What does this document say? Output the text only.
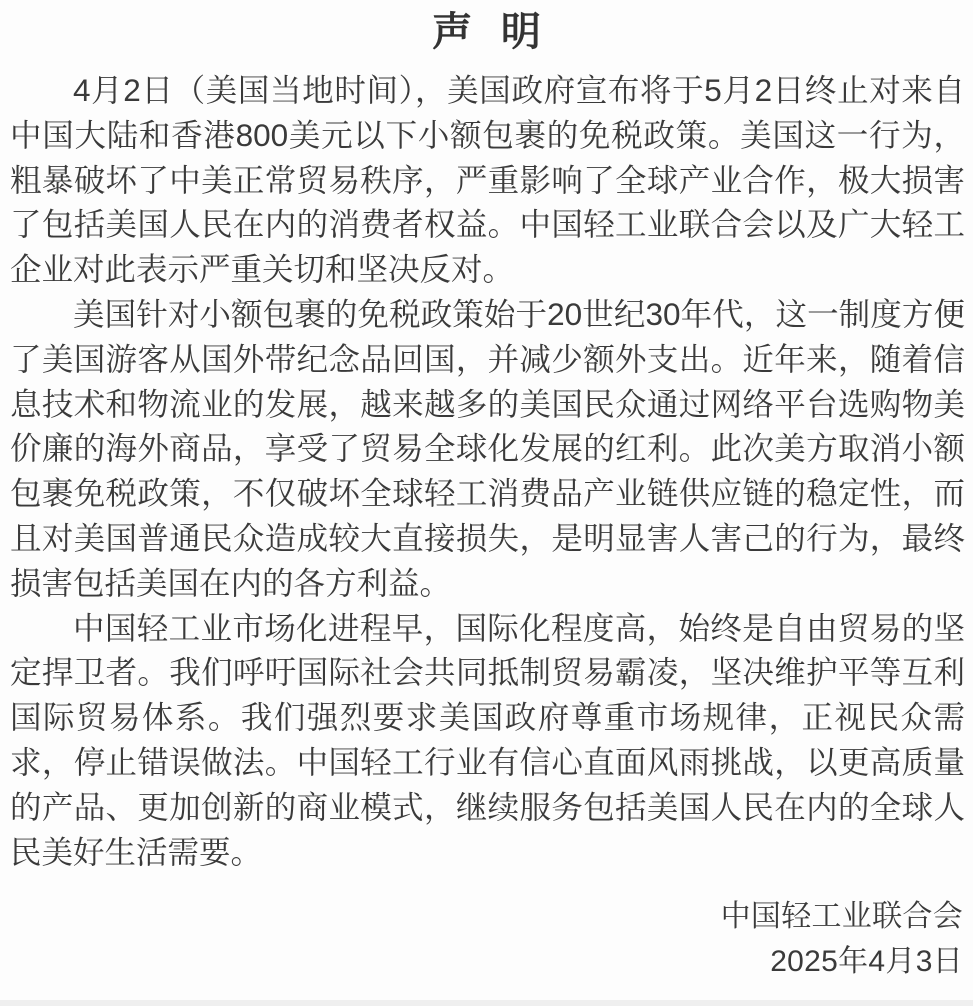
声 明

4月2日（美国当地时间），美国政府宣布将于5月2日终止对来自中国大陆和香港800美元以下小额包裹的免税政策。美国这一行为，粗暴破坏了中美正常贸易秩序，严重影响了全球产业合作，极大损害了包括美国人民在内的消费者权益。中国轻工业联合会以及广大轻工企业对此表示严重关切和坚决反对。

美国针对小额包裹的免税政策始于20世纪30年代，这一制度方便了美国游客从国外带纪念品回国，并减少额外支出。近年来，随着信息技术和物流业的发展，越来越多的美国民众通过网络平台选购物美价廉的海外商品，享受了贸易全球化发展的红利。此次美方取消小额包裹免税政策，不仅破坏全球轻工消费品产业链供应链的稳定性，而且对美国普通民众造成较大直接损失，是明显害人害己的行为，最终损害包括美国在内的各方利益。

中国轻工业市场化进程早，国际化程度高，始终是自由贸易的坚定捍卫者。我们呼吁国际社会共同抵制贸易霸凌，坚决维护平等互利国际贸易体系。我们强烈要求美国政府尊重市场规律，正视民众需求，停止错误做法。中国轻工行业有信心直面风雨挑战，以更高质量的产品、更加创新的商业模式，继续服务包括美国人民在内的全球人民美好生活需要。

中国轻工业联合会

2025年4月3日
